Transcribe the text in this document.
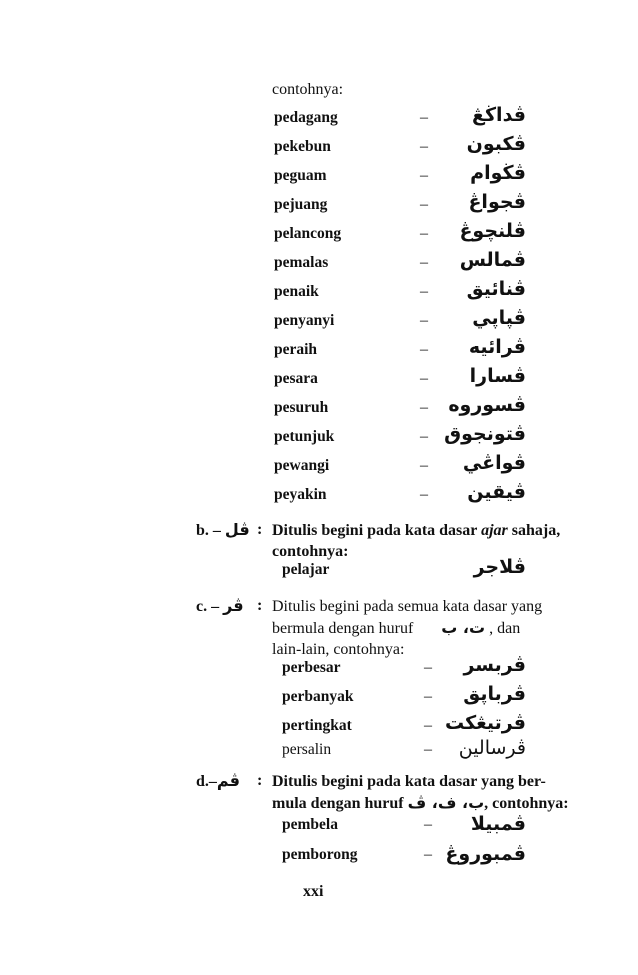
contohnya:
pedagang	– ڤداڬڠ
pekebun	– ڤكبون
peguam	– ڤڬوام
pejuang	– ڤجواڠ
pelancong	– ڤلنچوڠ
pemalas	– ڤمالس
penaik	– ڤنائيق
penyanyi	– ڤڽاڽي
peraih	– ڤرائيه
pesara	– ڤسارا
pesuruh	– ڤسوروه
petunjuk	– ڤتونجوق
pewangi	– ڤواڠي
peyakin	– ڤيقين
b. – ڤل : Ditulis begini pada kata dasar ajar sahaja,
contohnya:
pelajar	ڤلاجر
c. – ڤر : Ditulis begini pada semua kata dasar yang
bermula dengan huruf ت، ب , dan
lain-lain, contohnya:
perbesar	– ڤربسر
perbanyak	– ڤرباڽق
pertingkat	– ڤرتيڠكت
persalin	– ڤرسالين
d.–ڤم : Ditulis begini pada kata dasar yang ber-
mula dengan huruf ب، ف، ڤ, contohnya:
pembela	– ڤمبيلا
pemborong	– ڤمبوروڠ
xxi
